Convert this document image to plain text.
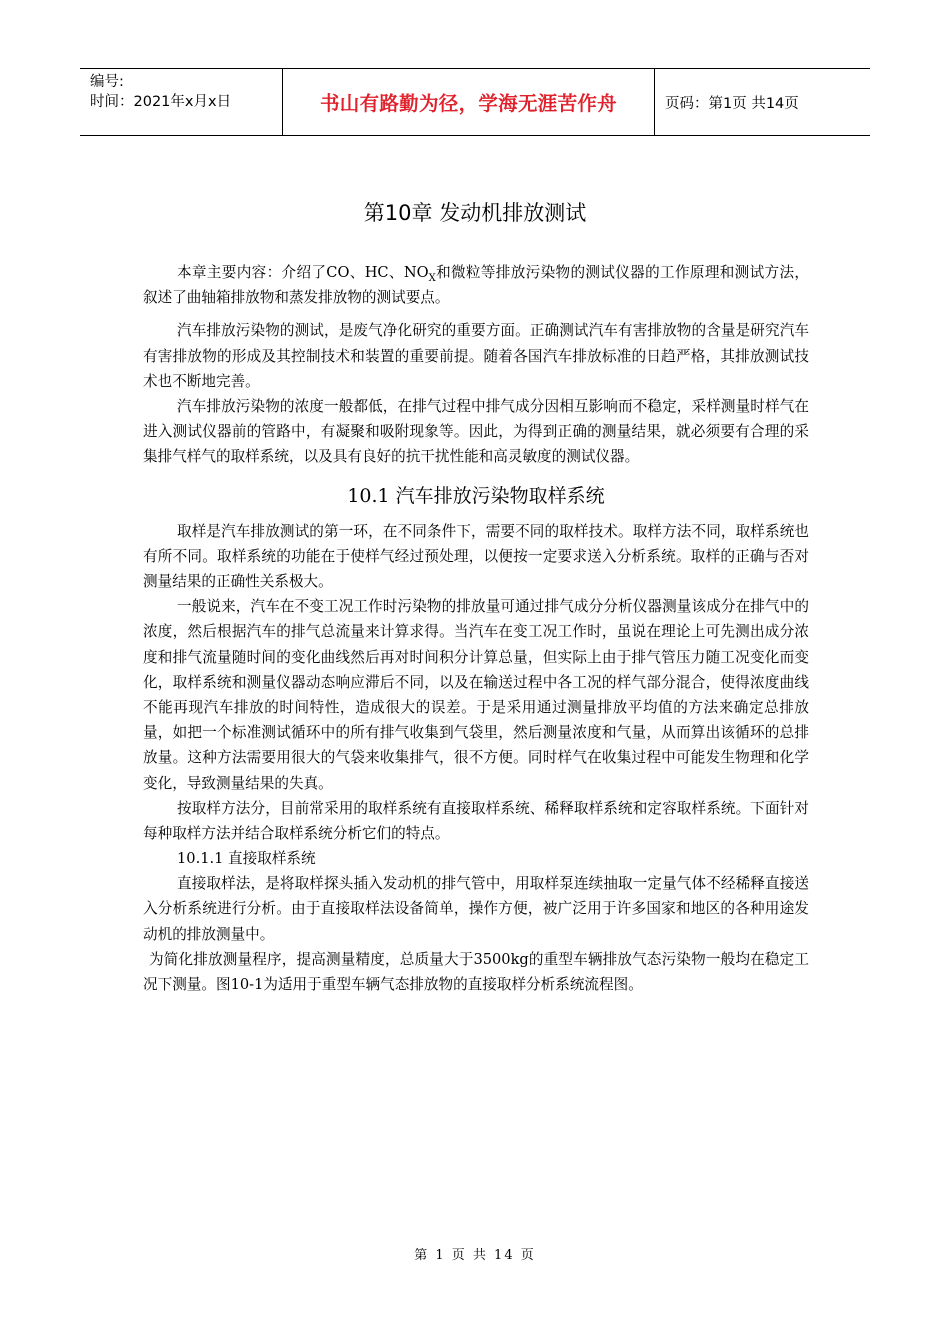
编号:
时间：2021年x月x日	书山有路勤为径，学海无涯苦作舟	页码：第1页 共14页
第10章 发动机排放测试

本章主要内容：介绍了CO、HC、$NO_X$和微粒等排放污染物的测试仪器的工作原理和测试方法，叙述了曲轴箱排放物和蒸发排放物的测试要点。

汽车排放污染物的测试，是废气净化研究的重要方面。正确测试汽车有害排放物的含量是研究汽车有害排放物的形成及其控制技术和装置的重要前提。随着各国汽车排放标准的日趋严格，其排放测试技术也不断地完善。

汽车排放污染物的浓度一般都低，在排气过程中排气成分因相互影响而不稳定，采样测量时样气在进入测试仪器前的管路中，有凝聚和吸附现象等。因此，为得到正确的测量结果，就必须要有合理的采集排气样气的取样系统，以及具有良好的抗干扰性能和高灵敏度的测试仪器。

10.1 汽车排放污染物取样系统

取样是汽车排放测试的第一环，在不同条件下，需要不同的取样技术。取样方法不同，取样系统也有所不同。取样系统的功能在于使样气经过预处理，以便按一定要求送入分析系统。取样的正确与否对测量结果的正确性关系极大。

一般说来，汽车在不变工况工作时污染物的排放量可通过排气成分分析仪器测量该成分在排气中的浓度，然后根据汽车的排气总流量来计算求得。当汽车在变工况工作时，虽说在理论上可先测出成分浓度和排气流量随时间的变化曲线然后再对时间积分计算总量，但实际上由于排气管压力随工况变化而变化，取样系统和测量仪器动态响应滞后不同，以及在输送过程中各工况的样气部分混合，使得浓度曲线不能再现汽车排放的时间特性，造成很大的误差。于是采用通过测量排放平均值的方法来确定总排放量，如把一个标准测试循环中的所有排气收集到气袋里，然后测量浓度和气量，从而算出该循环的总排放量。这种方法需要用很大的气袋来收集排气，很不方便。同时样气在收集过程中可能发生物理和化学变化，导致测量结果的失真。

按取样方法分，目前常采用的取样系统有直接取样系统、稀释取样系统和定容取样系统。下面针对每种取样方法并结合取样系统分析它们的特点。

10.1.1 直接取样系统

直接取样法，是将取样探头插入发动机的排气管中，用取样泵连续抽取一定量气体不经稀释直接送入分析系统进行分析。由于直接取样法设备简单，操作方便，被广泛用于许多国家和地区的各种用途发动机的排放测量中。

为简化排放测量程序，提高测量精度，总质量大于3500kg的重型车辆排放气态污染物一般均在稳定工况下测量。图10-1为适用于重型车辆气态排放物的直接取样分析系统流程图。

第 1 页 共 14 页
